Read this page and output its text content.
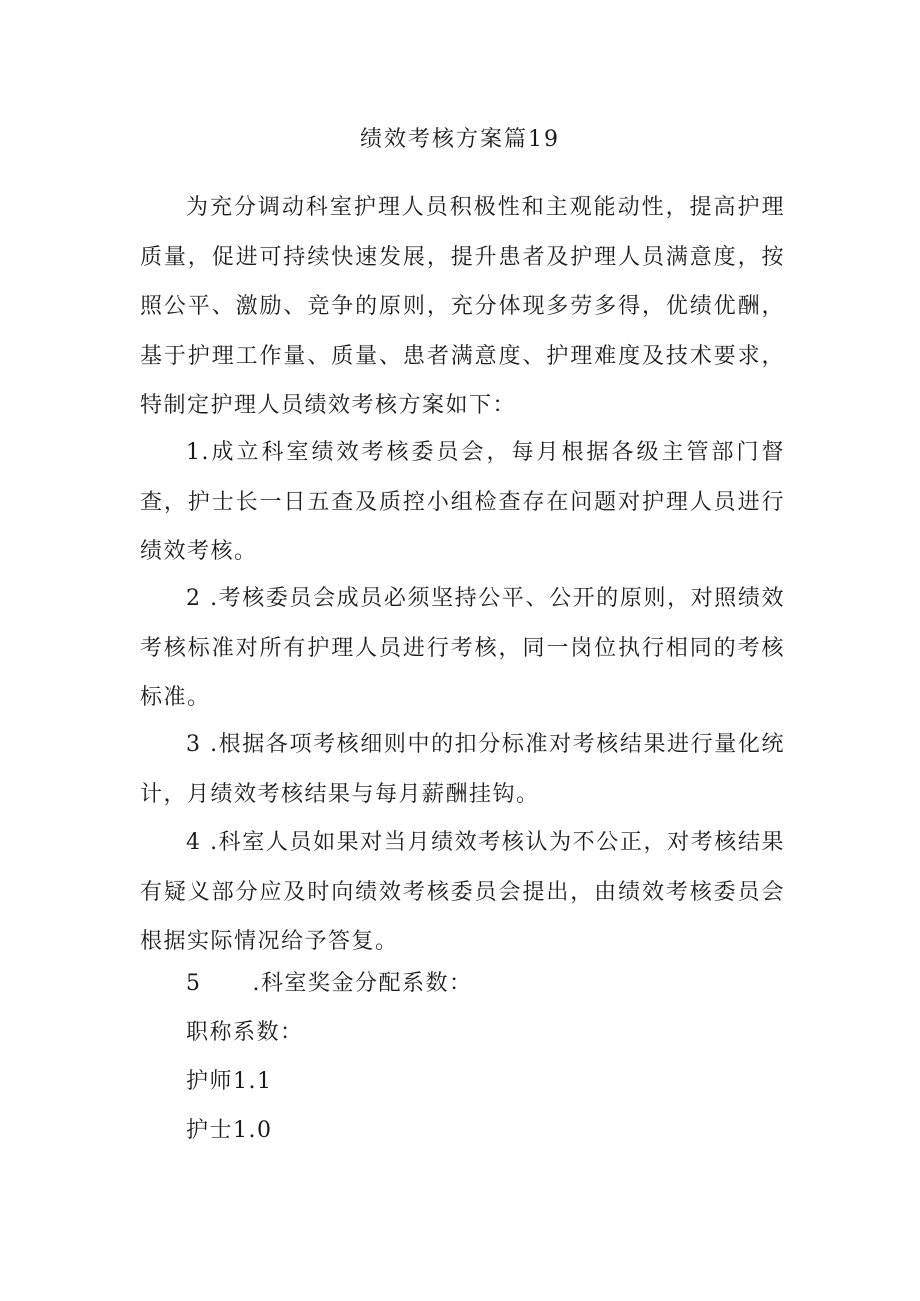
绩效考核方案篇19

为充分调动科室护理人员积极性和主观能动性，提高护理质量，促进可持续快速发展，提升患者及护理人员满意度，按照公平、激励、竞争的原则，充分体现多劳多得，优绩优酬，基于护理工作量、质量、患者满意度、护理难度及技术要求，特制定护理人员绩效考核方案如下：

1.成立科室绩效考核委员会，每月根据各级主管部门督查，护士长一日五查及质控小组检查存在问题对护理人员进行绩效考核。

2 .考核委员会成员必须坚持公平、公开的原则，对照绩效考核标准对所有护理人员进行考核，同一岗位执行相同的考核标准。

3 .根据各项考核细则中的扣分标准对考核结果进行量化统计，月绩效考核结果与每月薪酬挂钩。

4 .科室人员如果对当月绩效考核认为不公正，对考核结果有疑义部分应及时向绩效考核委员会提出，由绩效考核委员会根据实际情况给予答复。

5      .科室奖金分配系数：
职称系数：
护师1.1
护士1.0
